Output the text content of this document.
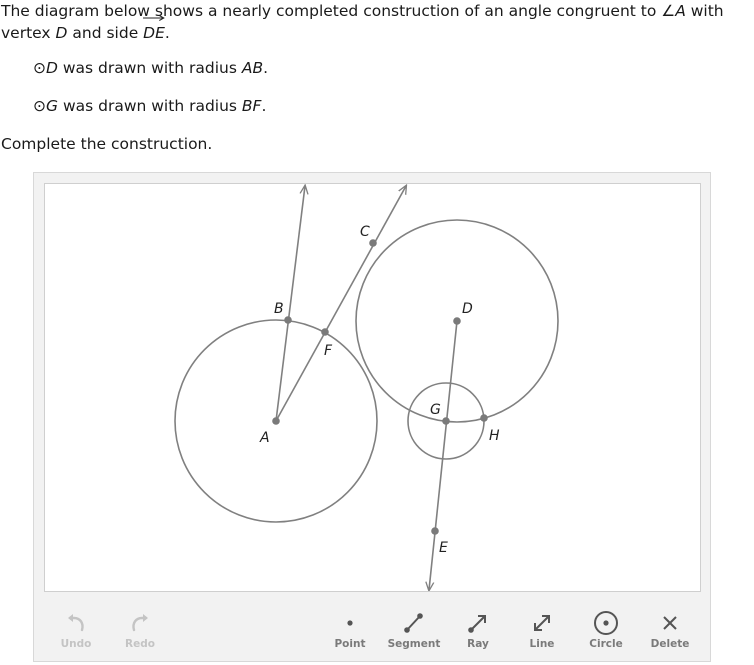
The diagram below shows a nearly completed construction of an angle congruent to ∠A with
vertex D and side
DE.
⊙D was drawn with radius AB.
⊙G was drawn with radius BF.
Complete the construction.
A
B
C
D
E
F
G
H
Undo	Redo	Point	Segment	Ray	Line	Circle	Delete
